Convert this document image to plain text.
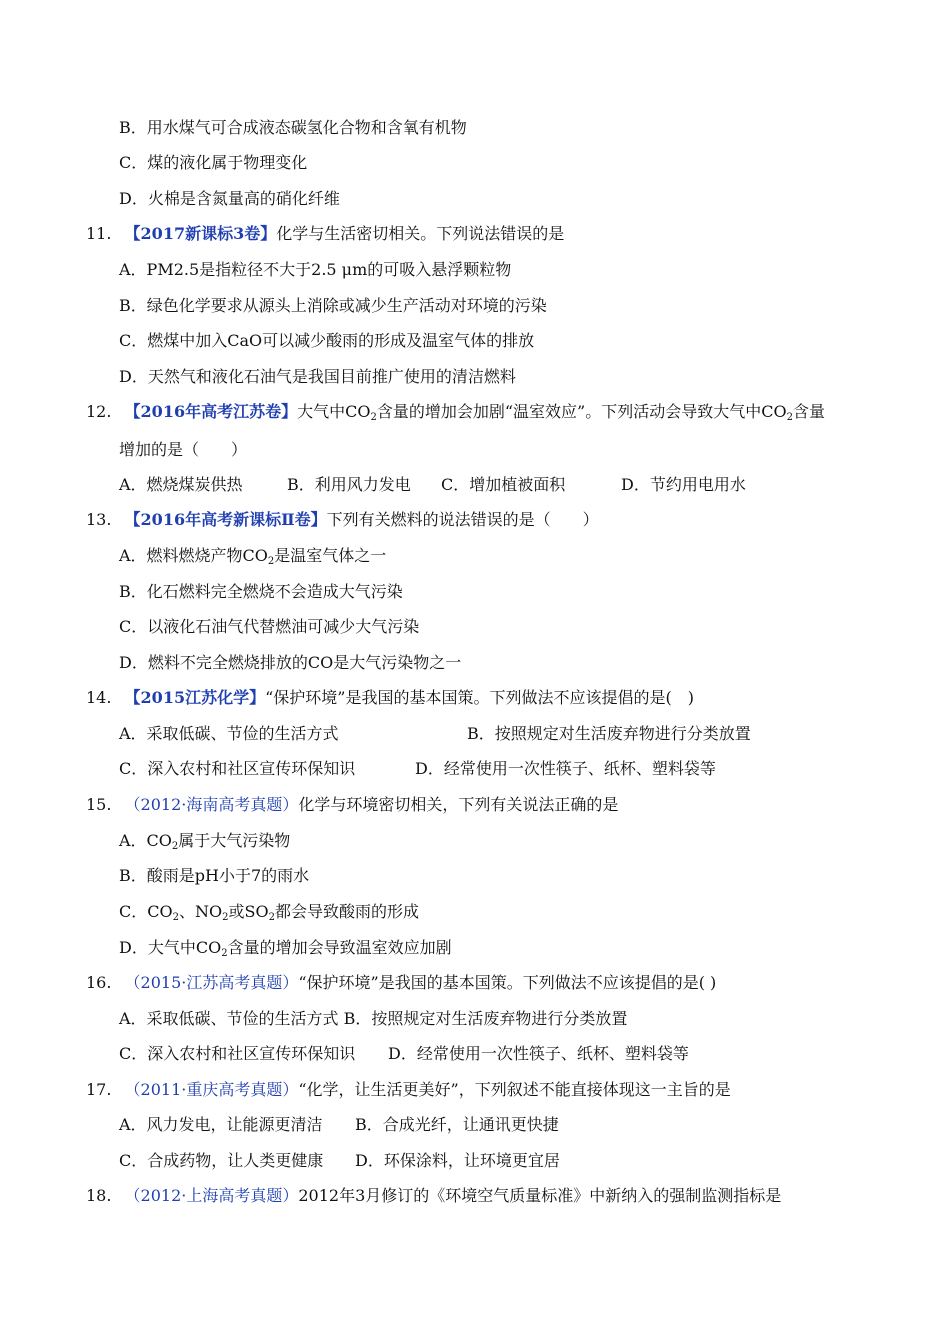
B．用水煤气可合成液态碳氢化合物和含氧有机物
C．煤的液化属于物理变化
D．火棉是含氮量高的硝化纤维
11. 【2017新课标3卷】化学与生活密切相关。下列说法错误的是
A．PM2.5是指粒径不大于2.5 μm的可吸入悬浮颗粒物
B．绿色化学要求从源头上消除或减少生产活动对环境的污染
C．燃煤中加入CaO可以减少酸雨的形成及温室气体的排放
D．天然气和液化石油气是我国目前推广使用的清洁燃料
12. 【2016年高考江苏卷】大气中$CO_2$含量的增加会加剧“温室效应”。下列活动会导致大气中$CO_2$含量
增加的是（　　）
A．燃烧煤炭供热	B．利用风力发电 C．增加植被面积	D．节约用电用水
13. 【2016年高考新课标Ⅱ卷】下列有关燃料的说法错误的是（　　）
A．燃料燃烧产物$CO_2$是温室气体之一
B．化石燃料完全燃烧不会造成大气污染
C．以液化石油气代替燃油可减少大气污染
D．燃料不完全燃烧排放的CO是大气污染物之一
14. 【2015江苏化学】“保护环境”是我国的基本国策。下列做法不应该提倡的是(　)
A．采取低碳、节俭的生活方式	B．按照规定对生活废弃物进行分类放置
C．深入农村和社区宣传环保知识	D．经常使用一次性筷子、纸杯、塑料袋等
15. （2012·海南高考真题）化学与环境密切相关，下列有关说法正确的是
A．$CO_2$属于大气污染物
B．酸雨是pH小于7的雨水
C．$CO_2$、$NO_2$或$SO_2$都会导致酸雨的形成
D．大气中$CO_2$含量的增加会导致温室效应加剧
16. （2015·江苏高考真题）“保护环境”是我国的基本国策。下列做法不应该提倡的是( )
A．采取低碳、节俭的生活方式 B．按照规定对生活废弃物进行分类放置
C．深入农村和社区宣传环保知识 D．经常使用一次性筷子、纸杯、塑料袋等
17. （2011·重庆高考真题）“化学，让生活更美好”，下列叙述不能直接体现这一主旨的是
A．风力发电，让能源更清洁 B．合成光纤，让通讯更快捷
C．合成药物，让人类更健康 D．环保涂料，让环境更宜居
18. （2012·上海高考真题）2012年3月修订的《环境空气质量标准》中新纳入的强制监测指标是
